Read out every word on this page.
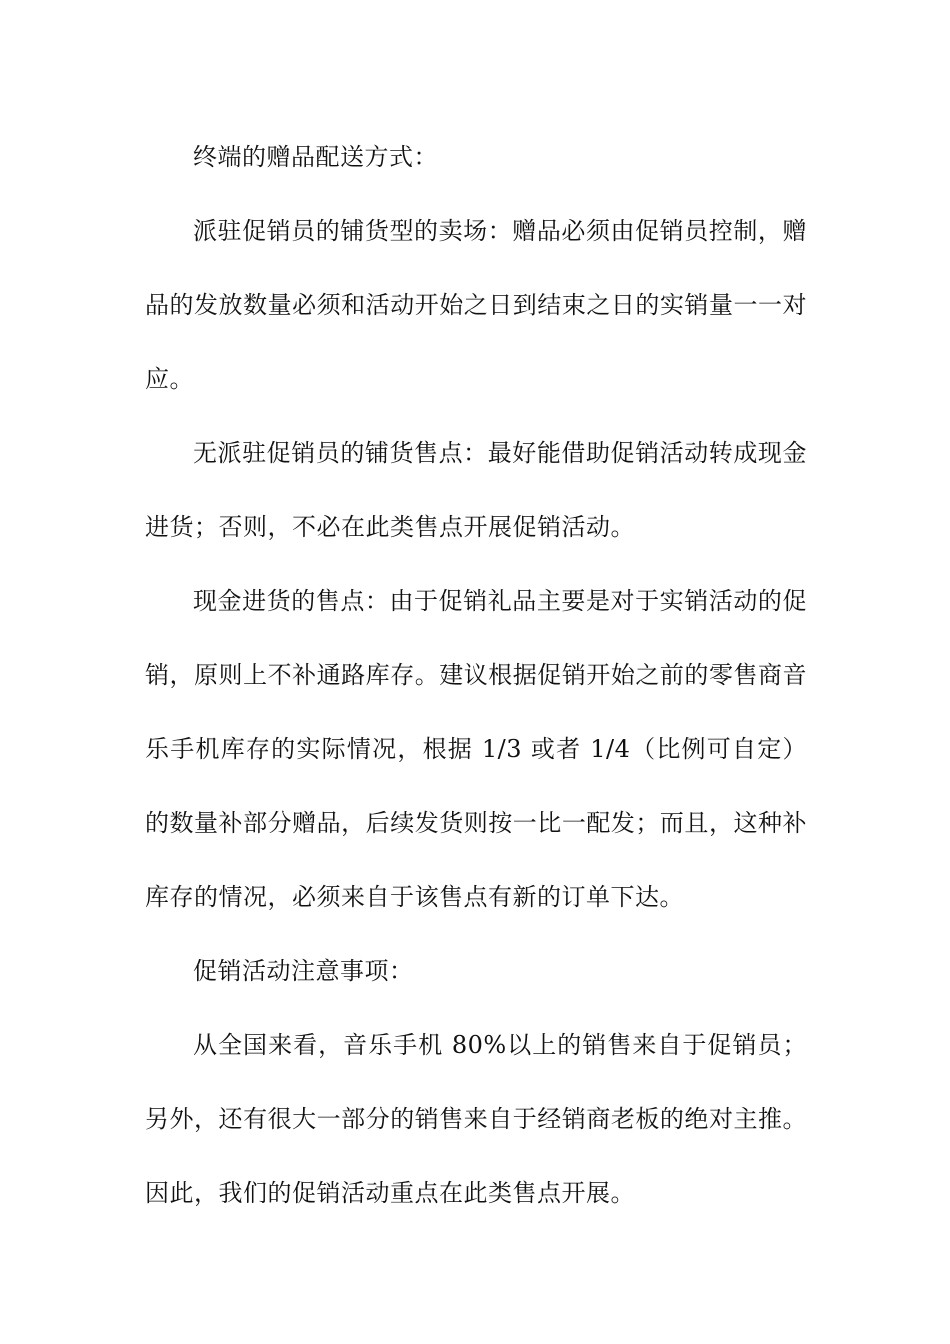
终端的赠品配送方式：

派驻促销员的铺货型的卖场：赠品必须由促销员控制，赠品的发放数量必须和活动开始之日到结束之日的实销量一一对应。

无派驻促销员的铺货售点：最好能借助促销活动转成现金进货；否则，不必在此类售点开展促销活动。

现金进货的售点：由于促销礼品主要是对于实销活动的促销，原则上不补通路库存。建议根据促销开始之前的零售商音乐手机库存的实际情况，根据 1/3 或者 1/4（比例可自定）的数量补部分赠品，后续发货则按一比一配发；而且，这种补库存的情况，必须来自于该售点有新的订单下达。

促销活动注意事项：

从全国来看，音乐手机 80%以上的销售来自于促销员；另外，还有很大一部分的销售来自于经销商老板的绝对主推。因此，我们的促销活动重点在此类售点开展。
